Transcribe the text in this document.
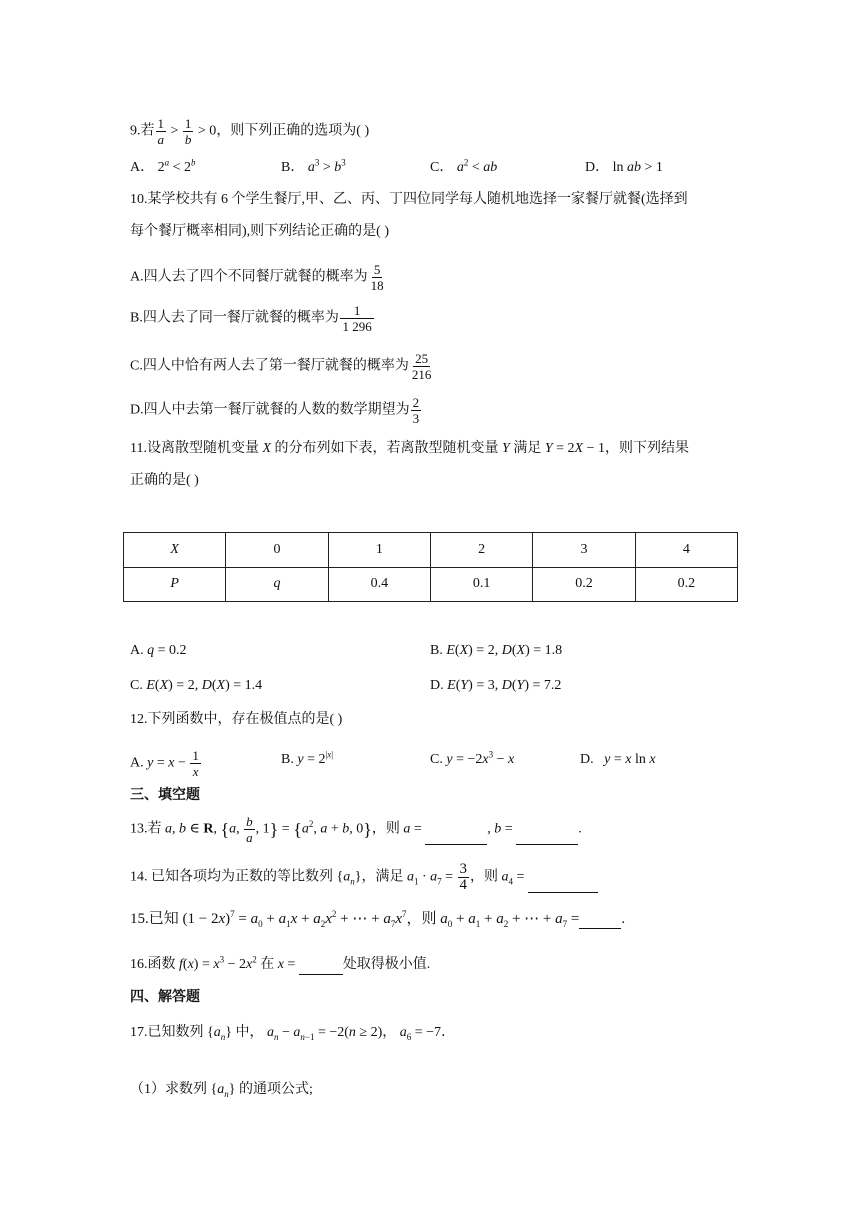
9.若 $\frac{1}{a} > \frac{1}{b} > 0$，则下列正确的选项为( )
A． $2^a < 2^b$	B． $a^3 > b^3$	C． $a^2$ < ab	D． ln ab > 1
10.某学校共有 6 个学生餐厅,甲、乙、丙、丁四位同学每人随机地选择一家餐厅就餐(选择到
每个餐厅概率相同),则下列结论正确的是( )
A.四人去了四个不同餐厅就餐的概率为 $\frac{5}{18}$
B.四人去了同一餐厅就餐的概率为 $\frac{1}{1 296}$
C.四人中恰有两人去了第一餐厅就餐的概率为 $\frac{25}{216}$
D.四人中去第一餐厅就餐的人数的数学期望为 $\frac{2}{3}$
11.设离散型随机变量 X 的分布列如下表，若离散型随机变量 Y 满足 Y = 2X − 1，则下列结果
正确的是( )
X	0	1	2	3	4
P	q	0.4	0.1	0.2	0.2
A. q = 0.2	B. E(X) = 2, D(X) = 1.8
C. E(X) = 2, D(X) = 1.4	D. E(Y) = 3, D(Y) = 7.2
12.下列函数中，存在极值点的是( )
A. $y = x - \frac{1}{x}$	B. $y = 2^{|x|}$	C. $y = -2x^3 - x$	D. y = x ln x
三、填空题
13.若 a, b ∈ R, {a, $\frac{b}{a}$ , $1\} = \{a^2$, a + b, 0}，则 a =	, b =	.
14. 已知各项均为正数的等比数列 $\{a_n\}$，满足 $a_1 \cdot a_7 = \frac{3}{4}$ ，则 $a_4$ =
15.已知 $(1 - 2x)^7 = a_0 + a_1x + a_2x^2$ + ⋯ + $a_7x^7$，则 $a_0 + a_1 + a_2$ + ⋯ + $a_7$ =	.
16.函数 $f(x) = x^3 - 2x^2$ 在 x =	处取得极小值.
四、解答题
17.已知数列 $\{a_n\}$ 中， $a_n - a_{n-1} = -2(n \ge 2)$， $a_6 = -7$．
（1）求数列 $\{a_n\}$ 的通项公式;
